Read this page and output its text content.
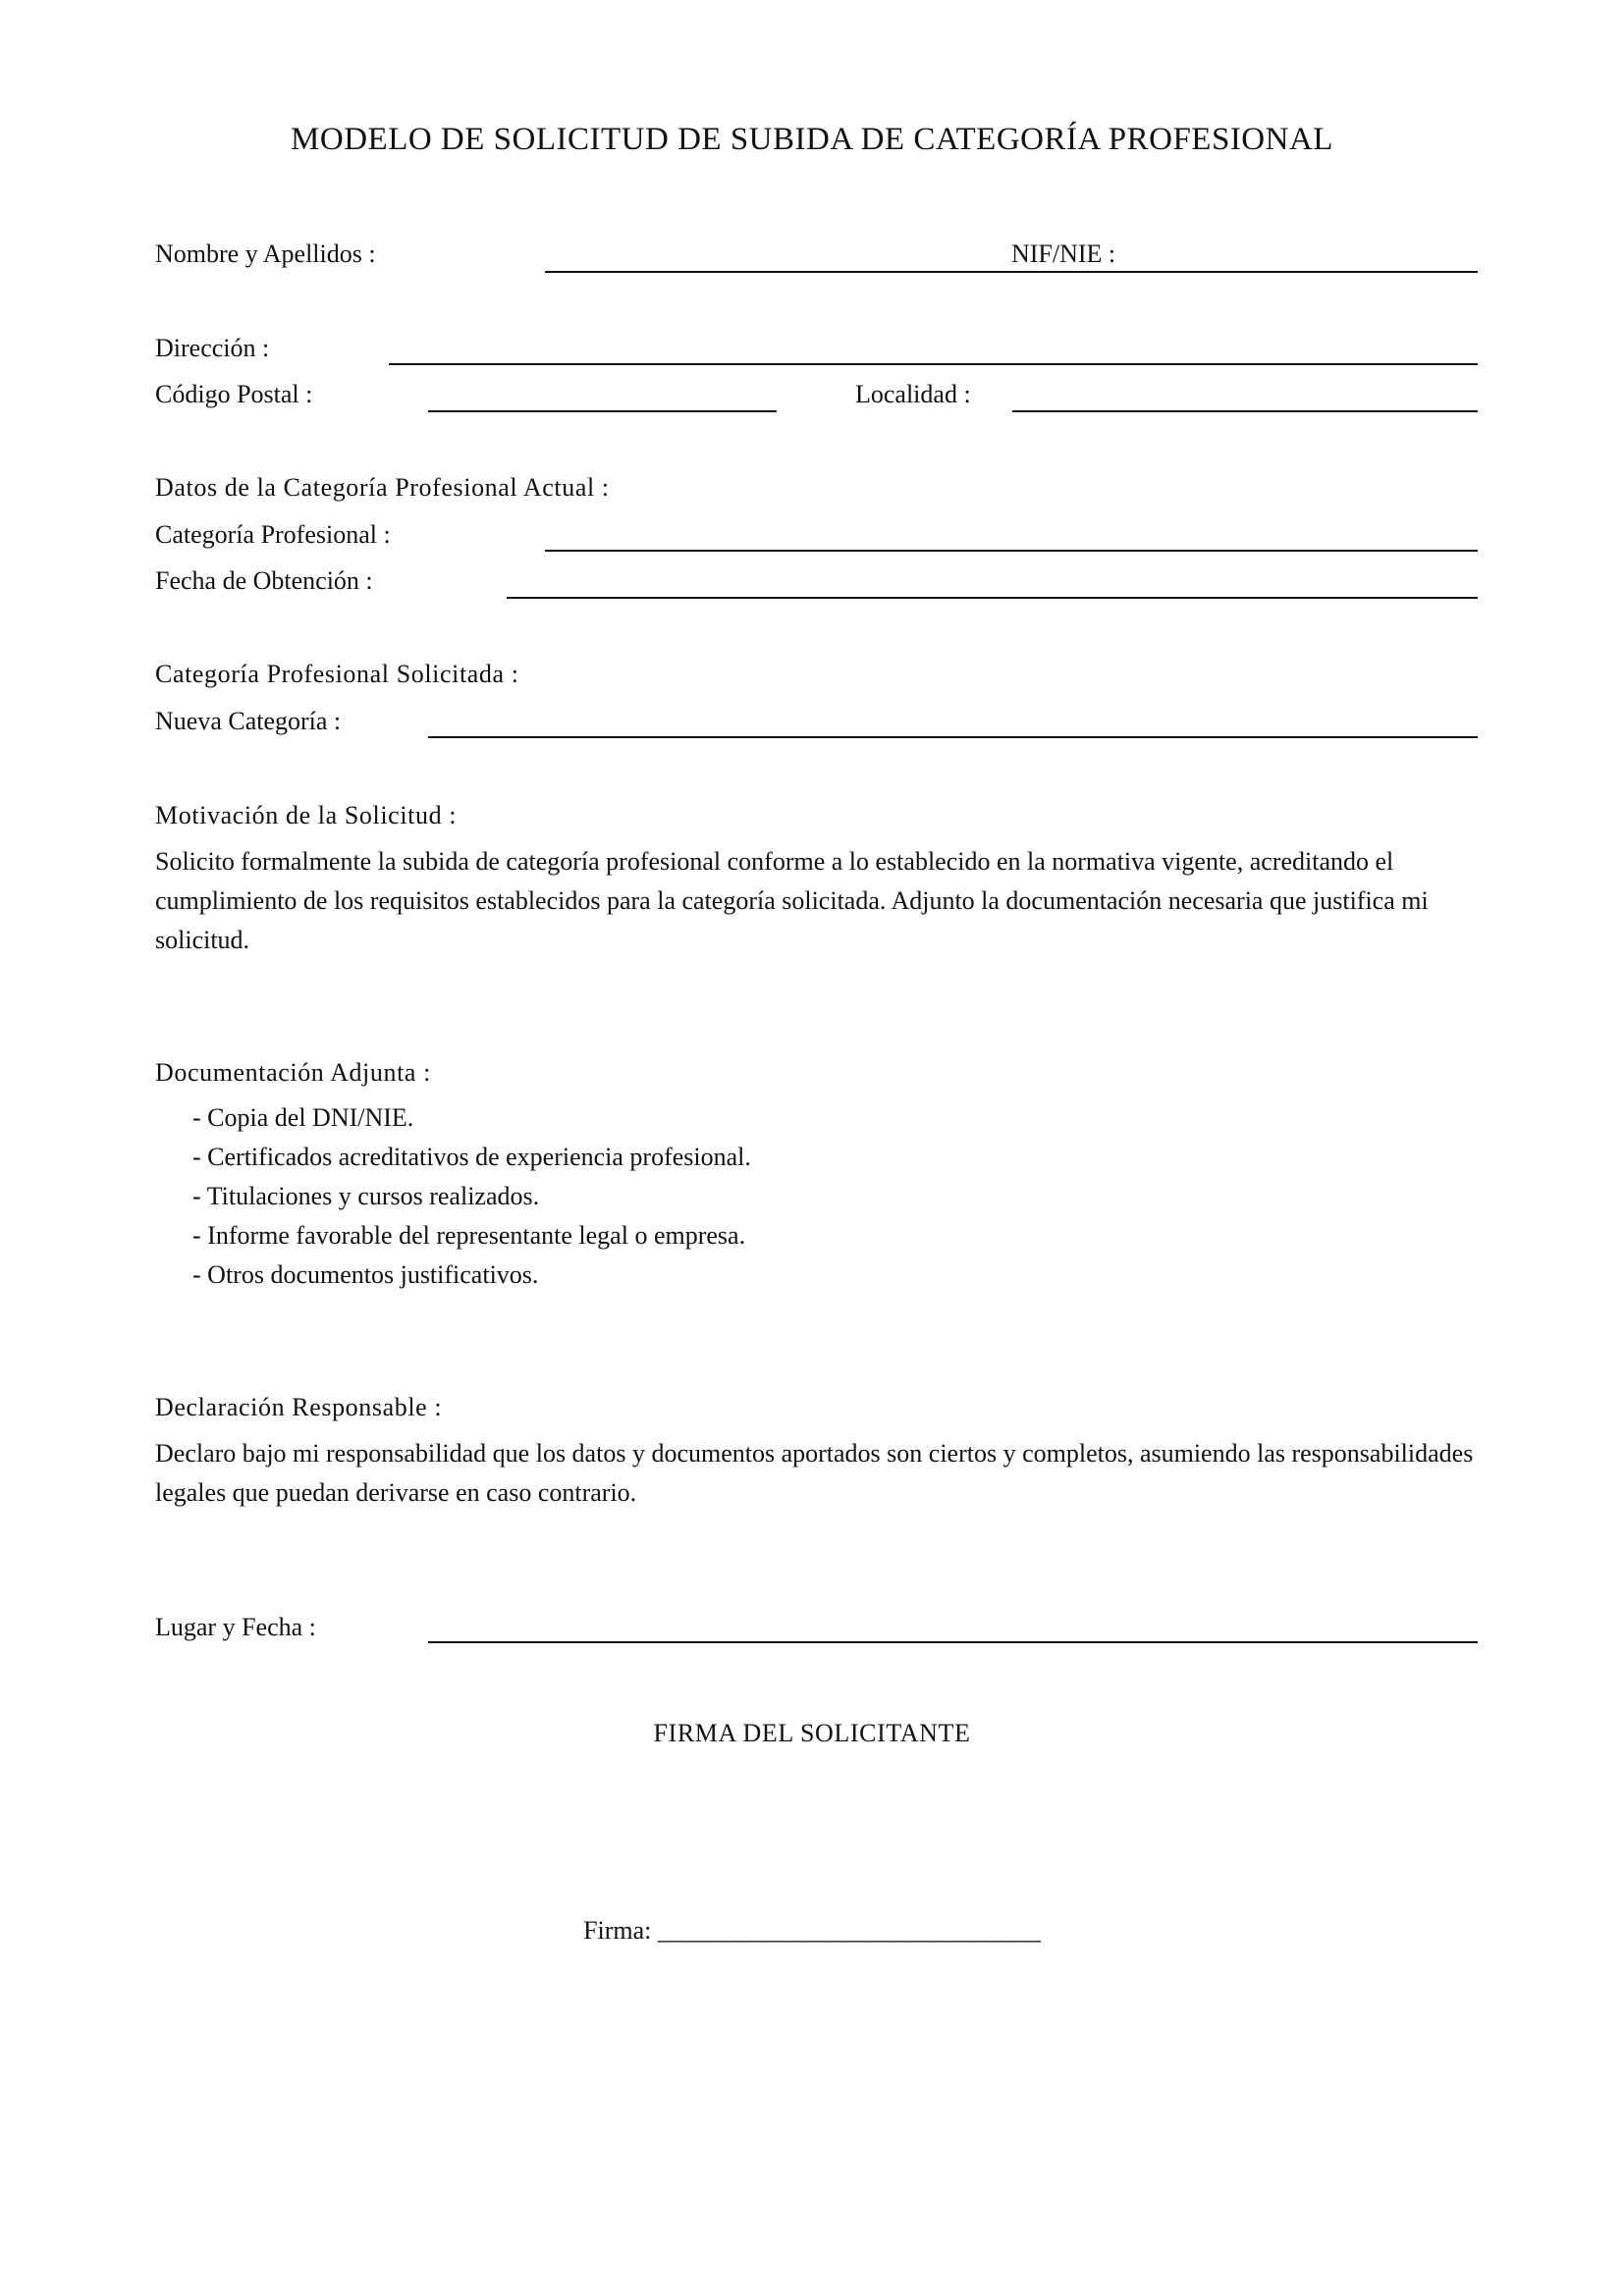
MODELO DE SOLICITUD DE SUBIDA DE CATEGORÍA PROFESIONAL
Nombre y Apellidos :	NIF/NIE :
Dirección :
Código Postal :	Localidad :
Datos de la Categoría Profesional Actual :
Categoría Profesional :
Fecha de Obtención :
Categoría Profesional Solicitada :
Nueva Categoría :
Motivación de la Solicitud :
Solicito formalmente la subida de categoría profesional conforme a lo establecido en la normativa vigente, acreditando el cumplimiento de los requisitos establecidos para la categoría solicitada. Adjunto la documentación necesaria que justifica mi solicitud.
Documentación Adjunta :
- Copia del DNI/NIE.
- Certificados acreditativos de experiencia profesional.
- Titulaciones y cursos realizados.
- Informe favorable del representante legal o empresa.
- Otros documentos justificativos.
Declaración Responsable :
Declaro bajo mi responsabilidad que los datos y documentos aportados son ciertos y completos, asumiendo las responsabilidades legales que puedan derivarse en caso contrario.
Lugar y Fecha :
FIRMA DEL SOLICITANTE
Firma: ______________________________
